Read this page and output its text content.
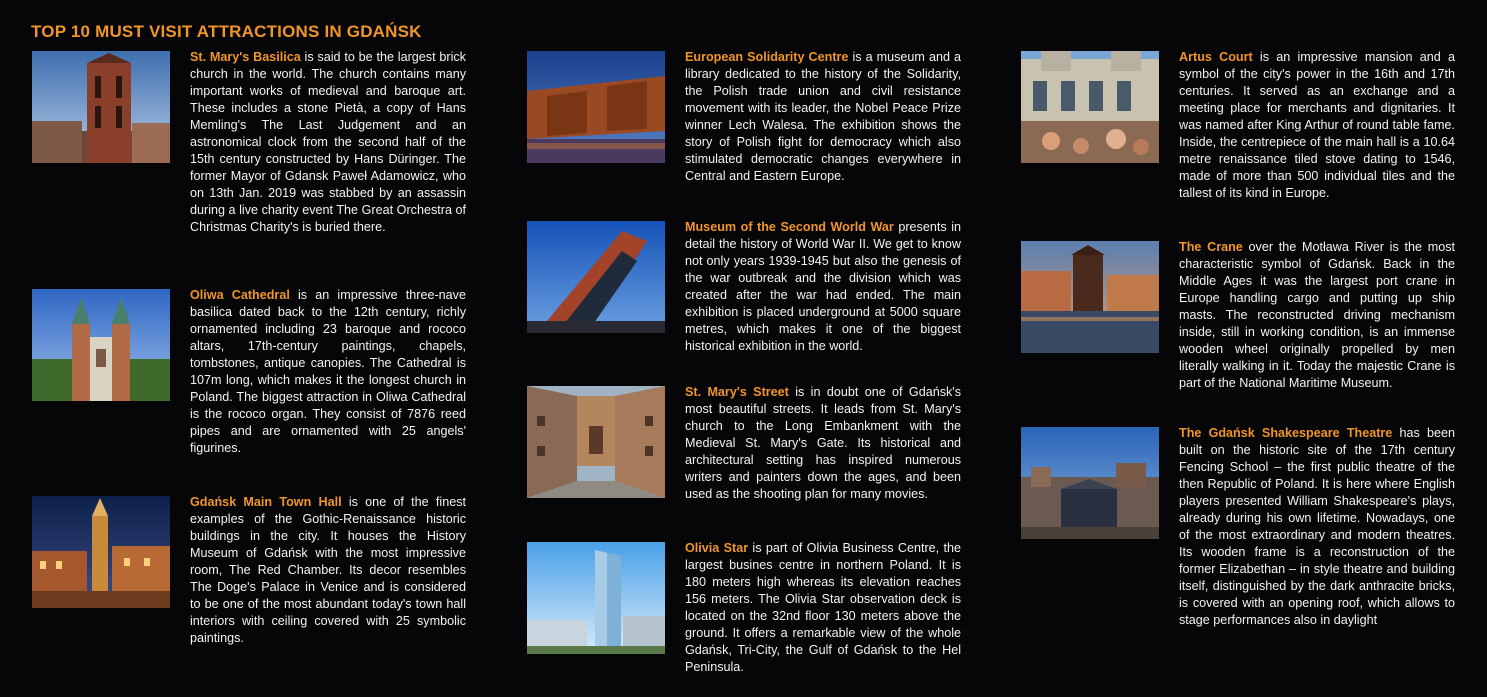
TOP 10 MUST VISIT ATTRACTIONS IN GDAŃSK
St. Mary's Basilica is said to be the largest brick church in the world. The church contains many important works of medieval and baroque art. These includes a stone Pietà, a copy of Hans Memling's The Last Judgement and an astronomical clock from the second half of the 15th century constructed by Hans Düringer. The former Mayor of Gdansk Paweł Adamowicz, who on 13th Jan. 2019 was stabbed by an assassin during a live charity event The Great Orchestra of Christmas Charity's is buried there.
Oliwa Cathedral is an impressive three-nave basilica dated back to the 12th century, richly ornamented including 23 baroque and rococo altars, 17th-century paintings, chapels, tombstones, antique canopies. The Cathedral is 107m long, which makes it the longest church in Poland. The biggest attraction in Oliwa Cathedral is the rococo organ. They consist of 7876 reed pipes and are ornamented with 25 angels' figurines.
Gdańsk Main Town Hall is one of the finest examples of the Gothic-Renaissance historic buildings in the city. It houses the History Museum of Gdańsk with the most impressive room, The Red Chamber. Its decor resembles The Doge's Palace in Venice and is considered to be one of the most abundant today's town hall interiors with ceiling covered with 25 symbolic paintings.
European Solidarity Centre is a museum and a library dedicated to the history of the Solidarity, the Polish trade union and civil resistance movement with its leader, the Nobel Peace Prize winner Lech Walesa. The exhibition shows the story of Polish fight for democracy which also stimulated democratic changes everywhere in Central and Eastern Europe.
Museum of the Second World War presents in detail the history of World War II. We get to know not only years 1939-1945 but also the genesis of the war outbreak and the division which was created after the war had ended. The main exhibition is placed underground at 5000 square metres, which makes it one of the biggest historical exhibition in the world.
St. Mary's Street is in doubt one of Gdańsk's most beautiful streets. It leads from St. Mary's church to the Long Embankment with the Medieval St. Mary's Gate. Its historical and architectural setting has inspired numerous writers and painters down the ages, and been used as the shooting plan for many movies.
Olivia Star is part of Olivia Business Centre, the largest busines centre in northern Poland. It is 180 meters high whereas its elevation reaches 156 meters. The Olivia Star observation deck is located on the 32nd floor 130 meters above the ground. It offers a remarkable view of the whole Gdańsk, Tri-City, the Gulf of Gdańsk to the Hel Peninsula.
Artus Court is an impressive mansion and a symbol of the city's power in the 16th and 17th centuries. It served as an exchange and a meeting place for merchants and dignitaries. It was named after King Arthur of round table fame. Inside, the centrepiece of the main hall is a 10.64 metre renaissance tiled stove dating to 1546, made of more than 500 individual tiles and the tallest of its kind in Europe.
The Crane over the Motława River is the most characteristic symbol of Gdańsk. Back in the Middle Ages it was the largest port crane in Europe handling cargo and putting up ship masts. The reconstructed driving mechanism inside, still in working condition, is an immense wooden wheel originally propelled by men literally walking in it. Today the majestic Crane is part of the National Maritime Museum.
The Gdańsk Shakespeare Theatre has been built on the historic site of the 17th century Fencing School – the first public theatre of the then Republic of Poland. It is here where English players presented William Shakespeare's plays, already during his own lifetime. Nowadays, one of the most extraordinary and modern theatres. Its wooden frame is a reconstruction of the former Elizabethan – in style theatre and building itself, distinguished by the dark anthracite bricks, is covered with an opening roof, which allows to stage performances also in daylight
